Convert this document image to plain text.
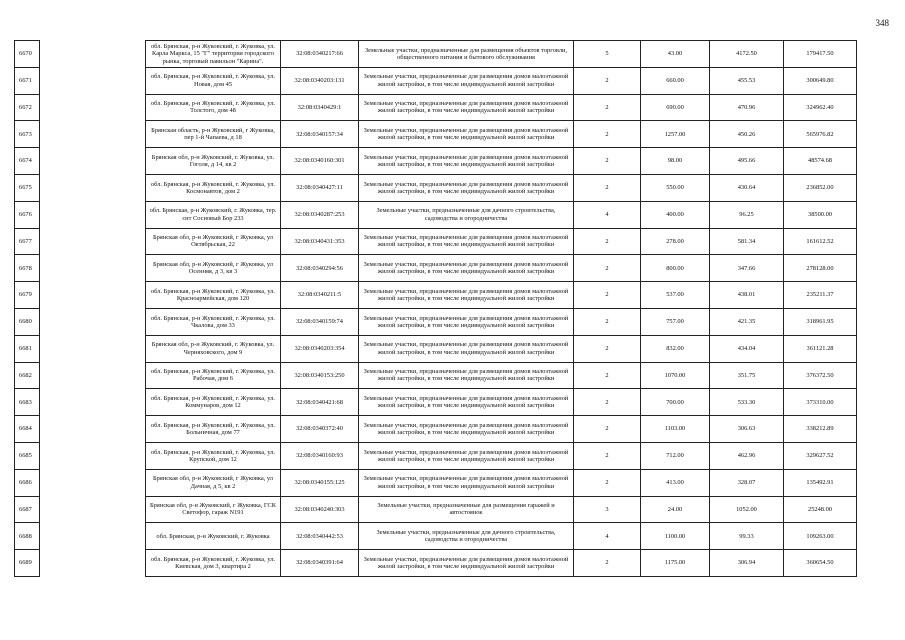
348
6670		обл. Брянская, р-н Жуковский, г. Жуковка, ул. Карла Маркса, 15 "Г" территория городского рынка, торговый павильон "Карина".	32:08:0340217:66	Земельные участки, предназначенные для размещения объектов торговли, общественного питания и бытового обслуживания	5	43.00	4172.50	179417.50
6671		обл. Брянская, р-н Жуковский, г. Жуковка, ул. Новая, дом 45	32:08:0340203:131	Земельные участки, предназначенные для размещения домов малоэтажной жилой застройки, в том числе индивидуальной жилой застройки	2	660.00	455.53	300649.80
6672		обл. Брянская, р-н Жуковский, г. Жуковка, ул. Толстого, дом 48	32:08:0340429:1	Земельные участки, предназначенные для размещения домов малоэтажной жилой застройки, в том числе индивидуальной жилой застройки	2	690.00	470.96	324962.40
6673		Брянская область, р-н Жуковский, г Жуковка, пер 1-й Чапаева, д 18	32:08:0340157:34	Земельные участки, предназначенные для размещения домов малоэтажной жилой застройки, в том числе индивидуальной жилой застройки	2	1257.00	450.26	565976.82
6674		Брянская обл, р-н Жуковский, г. Жуковка, ул. Гоголя, д 14, кв 2	32:08:0340160:301	Земельные участки, предназначенные для размещения домов малоэтажной жилой застройки, в том числе индивидуальной жилой застройки	2	98.00	495.66	48574.68
6675		обл. Брянская, р-н Жуковский, г. Жуковка, ул. Космонавтов, дом 2	32:08:0340427:11	Земельные участки, предназначенные для размещения домов малоэтажной жилой застройки, в том числе индивидуальной жилой застройки	2	550.00	430.64	236852.00
6676		обл. Брянская, р-н Жуковский, г. Жуковка, тер. снт Сосновый Бор 233	32:08:0340287:253	Земельные участки, предназначенные для дачного строительства, садоводства и огородничества	4	400.00	96.25	38500.00
6677		Брянская обл, р-н Жуковский, г Жуковка, ул Октябрьская, 22	32:08:0340431:353	Земельные участки, предназначенные для размещения домов малоэтажной жилой застройки, в том числе индивидуальной жилой застройки	2	278.00	581.34	161612.52
6678		Брянская обл, р-н Жуковский, г Жуковка, ул Осенняя, д 3, кв 3	32:08:0340294:56	Земельные участки, предназначенные для размещения домов малоэтажной жилой застройки, в том числе индивидуальной жилой застройки	2	800.00	347.66	278128.00
6679		обл. Брянская, р-н Жуковский, г. Жуковка, ул. Красноармейская, дом 120	32:08:0340211:5	Земельные участки, предназначенные для размещения домов малоэтажной жилой застройки, в том числе индивидуальной жилой застройки	2	537.00	438.01	235211.37
6680		обл. Брянская, р-н Жуковский, г. Жуковка, ул. Чкалова, дом 33	32:08:0340159:74	Земельные участки, предназначенные для размещения домов малоэтажной жилой застройки, в том числе индивидуальной жилой застройки	2	757.00	421.35	318961.95
6681		Брянская обл, р-н Жуковский, г. Жуковка, ул. Черняховского, дом 9	32:08:0340203:354	Земельные участки, предназначенные для размещения домов малоэтажной жилой застройки, в том числе индивидуальной жилой застройки	2	832.00	434.04	361121.28
6682		обл. Брянская, р-н Жуковский, г. Жуковка, ул. Рабочая, дом 6	32:08:0340153:250	Земельные участки, предназначенные для размещения домов малоэтажной жилой застройки, в том числе индивидуальной жилой застройки	2	1070.00	351.75	376372.50
6683		обл. Брянская, р-н Жуковский, г. Жуковка, ул. Коммунаров, дом 12	32:08:0340421:68	Земельные участки, предназначенные для размещения домов малоэтажной жилой застройки, в том числе индивидуальной жилой застройки	2	700.00	533.30	373310.00
6684		обл. Брянская, р-н Жуковский, г. Жуковка, ул. Больничная, дом 77	32:08:0340372:40	Земельные участки, предназначенные для размещения домов малоэтажной жилой застройки, в том числе индивидуальной жилой застройки	2	1103.00	306.63	338212.89
6685		обл. Брянская, р-н Жуковский, г. Жуковка, ул. Крупской, дом 12	32:08:0340160:93	Земельные участки, предназначенные для размещения домов малоэтажной жилой застройки, в том числе индивидуальной жилой застройки	2	712.00	462.96	329627.52
6686		Брянская обл, р-н Жуковский, г Жуковка, ул Дачная, д 5, кв 2	32:08:0340155:125	Земельные участки, предназначенные для размещения домов малоэтажной жилой застройки, в том числе индивидуальной жилой застройки	2	413.00	328.07	135492.91
6687		Брянская обл, р-н Жуковский, г Жуковка, ГСК Светофор, гараж N191	32:08:0340240:303	Земельные участки, предназначенные для размещения гаражей и автостоянок	3	24.00	1052.00	25248.00
6688		обл. Брянская, р-н Жуковский, г. Жуковка	32:08:0340442:53	Земельные участки, предназначенные для дачного строительства, садоводства и огородничества	4	1100.00	99.33	109263.00
6689		обл. Брянская, р-н Жуковский, г. Жуковка, ул. Киевская, дом 3, квартира 2	32:08:0340391:64	Земельные участки, предназначенные для размещения домов малоэтажной жилой застройки, в том числе индивидуальной жилой застройки	2	1175.00	306.94	360654.50
